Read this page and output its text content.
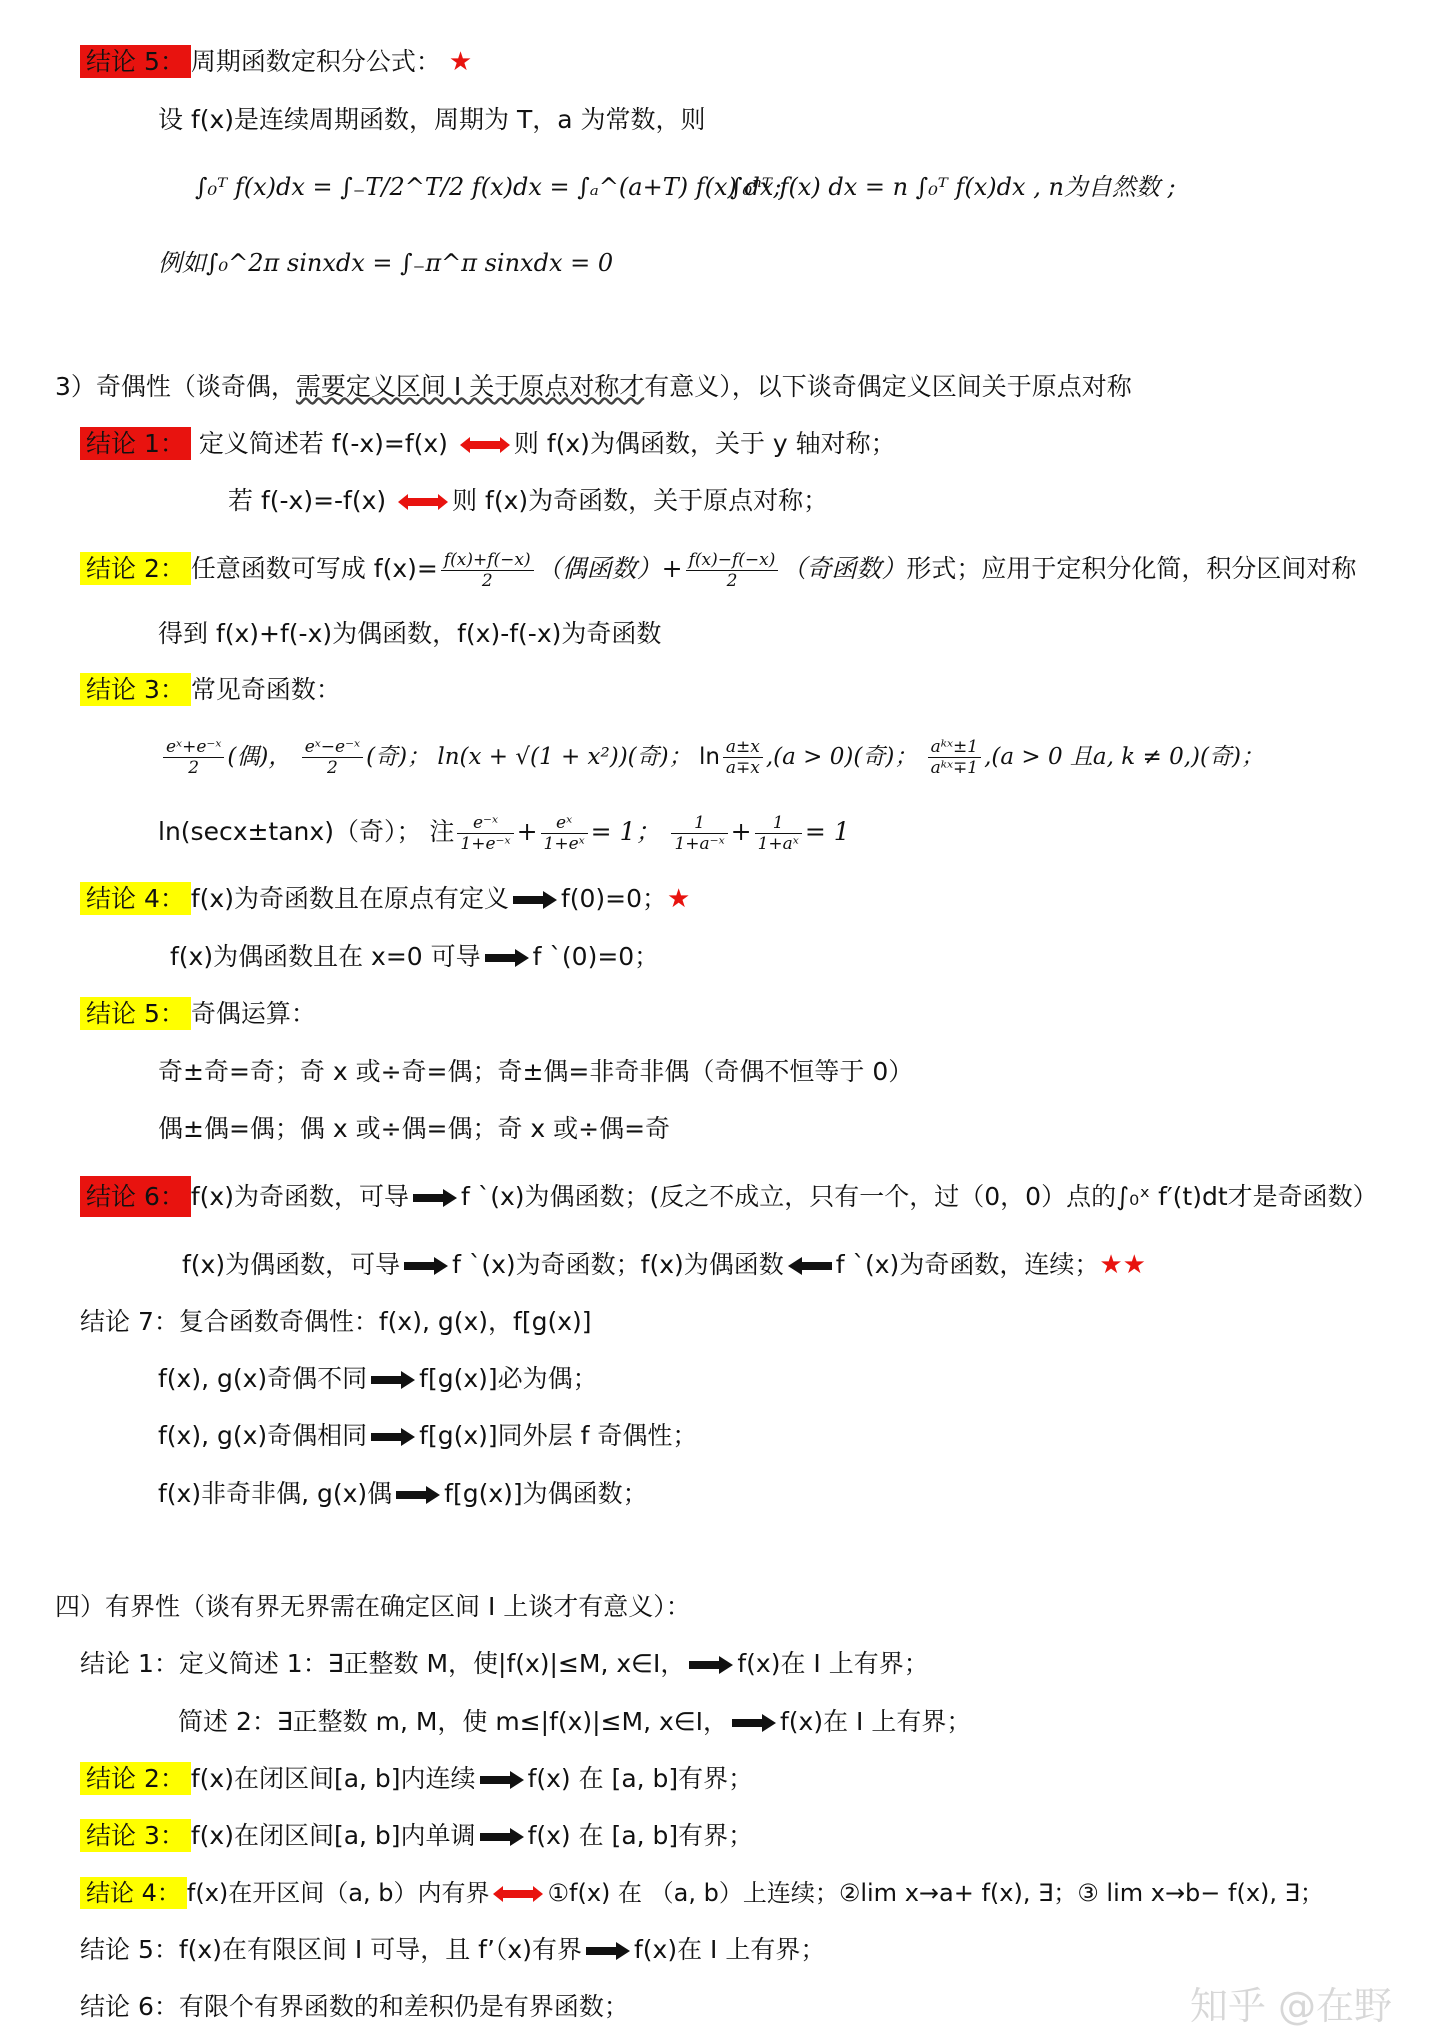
结论 5： 周期函数定积分公式： ★
设 f(x)是连续周期函数，周期为 T，a 为常数，则
∫₀ᵀ f(x)dx = ∫₋T/2^T/2 f(x)dx = ∫ₐ^(a+T) f(x) dx;
∫₀ⁿᵀ f(x) dx = n ∫₀ᵀ f(x)dx , n为自然数 ;
例如∫₀^2π sinxdx = ∫₋π^π sinxdx = 0
3）奇偶性（谈奇偶，需要定义区间 I 关于原点对称才有意义），以下谈奇偶定义区间关于原点对称
结论 1： 定义简述若 f(-x)=f(x)	则 f(x)为偶函数，关于 y 轴对称；
若 f(-x)=-f(x)	则 f(x)为奇函数，关于原点对称；
结论 2： 任意函数可写成 $f(x)= \frac{f(x)+f(-x)}{2}$ （偶函数）+ $\frac{f(x)-f(-x)}{2}$ （奇函数）形式；应用于定积分化简，积分区间对称
得到 f(x)+f(-x)为偶函数，f(x)-f(-x)为奇函数
结论 3： 常见奇函数：
$\frac{\text{eˣ+e⁻ˣ}}{2}$ (偶)， $\frac{\text{eˣ−e⁻ˣ}}{2}$ (奇)； ln(x + √(1 + x²))(奇)； $\ln \frac{a\pm x}{a\mp x} ,(a > 0)$(奇)； $\frac{\text{aᵏˣ±1}}{\text{aᵏˣ∓1}} ,(a > 0$ 且a, k ≠ 0,)(奇)；
ln(secx±tanx)（奇）； 注 $\frac{\text{e⁻ˣ}}{\text{1+e⁻ˣ}} + \frac{\text{eˣ}}{\text{1+eˣ}} = 1$； $\frac{1}{\text{1+a⁻ˣ}} + \frac{1}{\text{1+aˣ}} = 1$
结论 4： f(x)为奇函数且在原点有定义 f(0)=0；★
f(x)为偶函数且在 x=0 可导 f `(0)=0；
结论 5： 奇偶运算：
奇±奇=奇；奇 x 或÷奇=偶；奇±偶=非奇非偶（奇偶不恒等于 0）
偶±偶=偶；偶 x 或÷偶=偶；奇 x 或÷偶=奇
结论 6： f(x)为奇函数，可导 f `(x)为偶函数；(反之不成立，只有一个，过（0，0）点的∫₀ˣ f′(t)dt才是奇函数）
f(x)为偶函数，可导 f `(x)为奇函数；f(x)为偶函数 f `(x)为奇函数，连续；★★
结论 7：复合函数奇偶性：f(x), g(x)，f[g(x)]
f(x), g(x)奇偶不同 f[g(x)]必为偶；
f(x), g(x)奇偶相同 f[g(x)]同外层 f 奇偶性；
f(x)非奇非偶, g(x)偶 f[g(x)]为偶函数；
四）有界性（谈有界无界需在确定区间 I 上谈才有意义）：
结论 1：定义简述 1：∃正整数 M，使|f(x)|≤M, x∈I， f(x)在 I 上有界；
简述 2：∃正整数 m, M，使 m≤|f(x)|≤M, x∈I， f(x)在 I 上有界；
结论 2： f(x)在闭区间[a, b]内连续 f(x) 在 [a, b]有界；
结论 3： f(x)在闭区间[a, b]内单调 f(x) 在 [a, b]有界；
结论 4： f(x)在开区间（a, b）内有界 ①f(x) 在 （a, b）上连续；②lim x→a+ f(x), ∃；③ lim x→b− f(x), ∃；
结论 5：f(x)在有限区间 I 可导，且 f’（x)有界 f(x)在 I 上有界；
结论 6：有限个有界函数的和差积仍是有界函数；	知乎 @在野
